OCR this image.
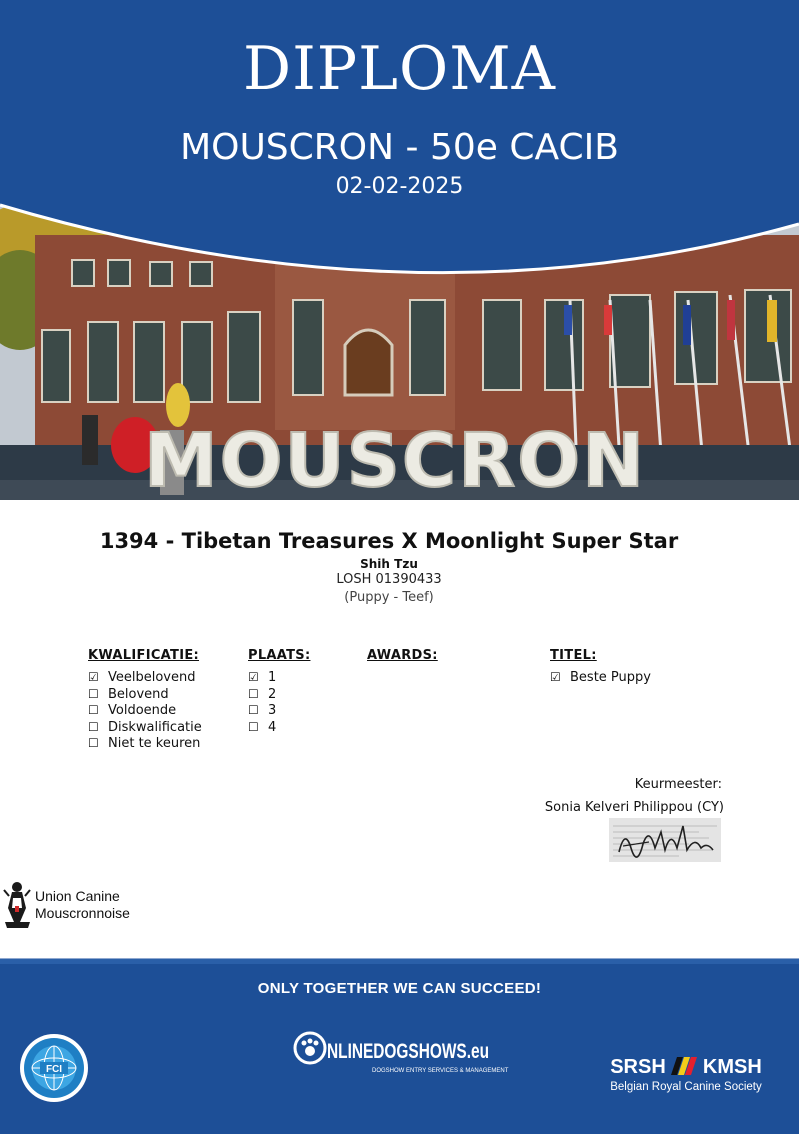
MOUSCRON
DIPLOMA
MOUSCRON - 50e CACIB
02-02-2025
1394 - Tibetan Treasures X Moonlight Super Star
Shih Tzu
LOSH 01390433
(Puppy - Teef)
KWALIFICATIE:
☑ Veelbelovend
☐ Belovend
☐ Voldoende
☐ Diskwalificatie
☐ Niet te keuren
PLAATS:
☑ 1
☐ 2
☐ 3
☐ 4
AWARDS:	TITEL:
☑ Beste Puppy
Keurmeester:
Sonia Kelveri Philippou (CY)
Union Canine
Mouscronnoise
ONLY TOGETHER WE CAN SUCCEED!
FCI
NLINEDOGSHOWS.eu
DOGSHOW ENTRY SERVICES & MANAGEMENT	SRSH KMSH
Belgian Royal Canine Society
